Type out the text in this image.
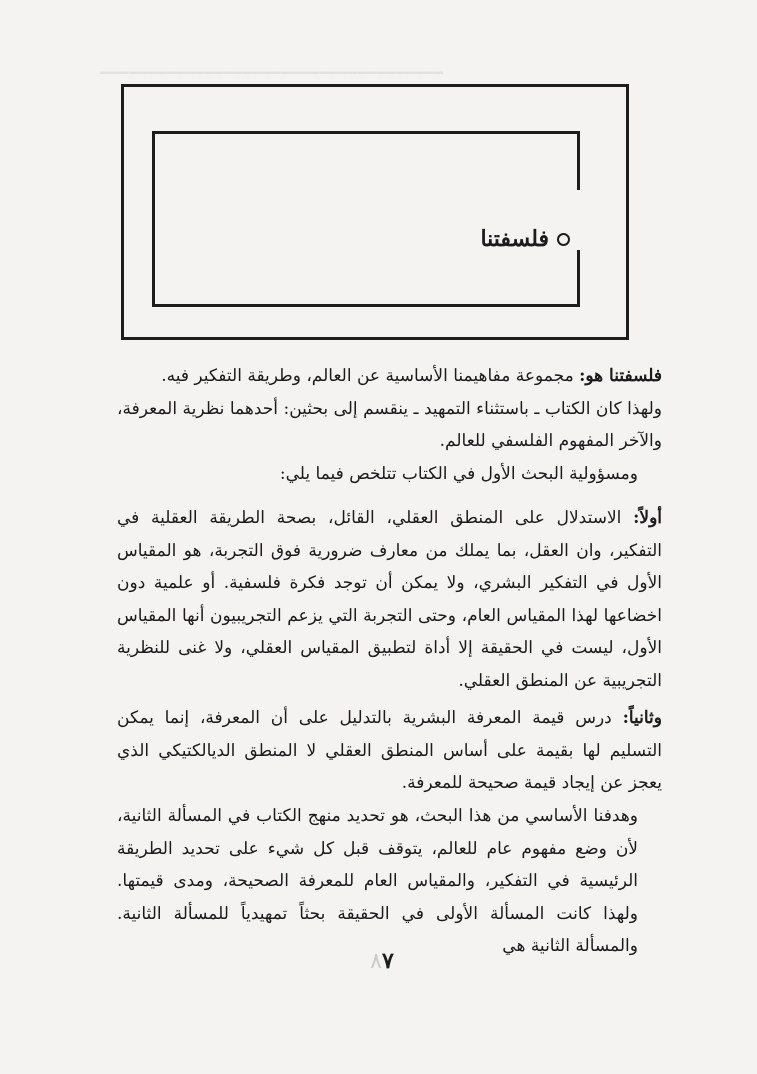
━━━━━━━━━━━━━━━━━━━━━━━━━━━━━━━━━━━━
فلسفتنا

فلسفتنا هو: مجموعة مفاهيمنا الأساسية عن العالم، وطريقة التفكير فيه.

ولهذا كان الكتاب ـ باستثناء التمهيد ـ ينقسم إلى بحثين: أحدهما نظرية المعرفة، والآخر المفهوم الفلسفي للعالم.

ومسؤولية البحث الأول في الكتاب تتلخص فيما يلي:

أولاً: الاستدلال على المنطق العقلي، القائل، بصحة الطريقة العقلية في التفكير، وان العقل، بما يملك من معارف ضرورية فوق التجربة، هو المقياس الأول في التفكير البشري، ولا يمكن أن توجد فكرة فلسفية. أو علمية دون اخضاعها لهذا المقياس العام، وحتى التجربة التي يزعم التجريبيون أنها المقياس الأول، ليست في الحقيقة إلا أداة لتطبيق المقياس العقلي، ولا غنى للنظرية التجريبية عن المنطق العقلي.

وثانياً: درس قيمة المعرفة البشرية بالتدليل على أن المعرفة، إنما يمكن التسليم لها بقيمة على أساس المنطق العقلي لا المنطق الديالكتيكي الذي يعجز عن إيجاد قيمة صحيحة للمعرفة.

وهدفنا الأساسي من هذا البحث، هو تحديد منهج الكتاب في المسألة الثانية، لأن وضع مفهوم عام للعالم، يتوقف قبل كل شيء على تحديد الطريقة الرئيسية في التفكير، والمقياس العام للمعرفة الصحيحة، ومدى قيمتها. ولهذا كانت المسألة الأولى في الحقيقة بحثاً تمهيدياً للمسألة الثانية. والمسألة الثانية هي

٨٧
